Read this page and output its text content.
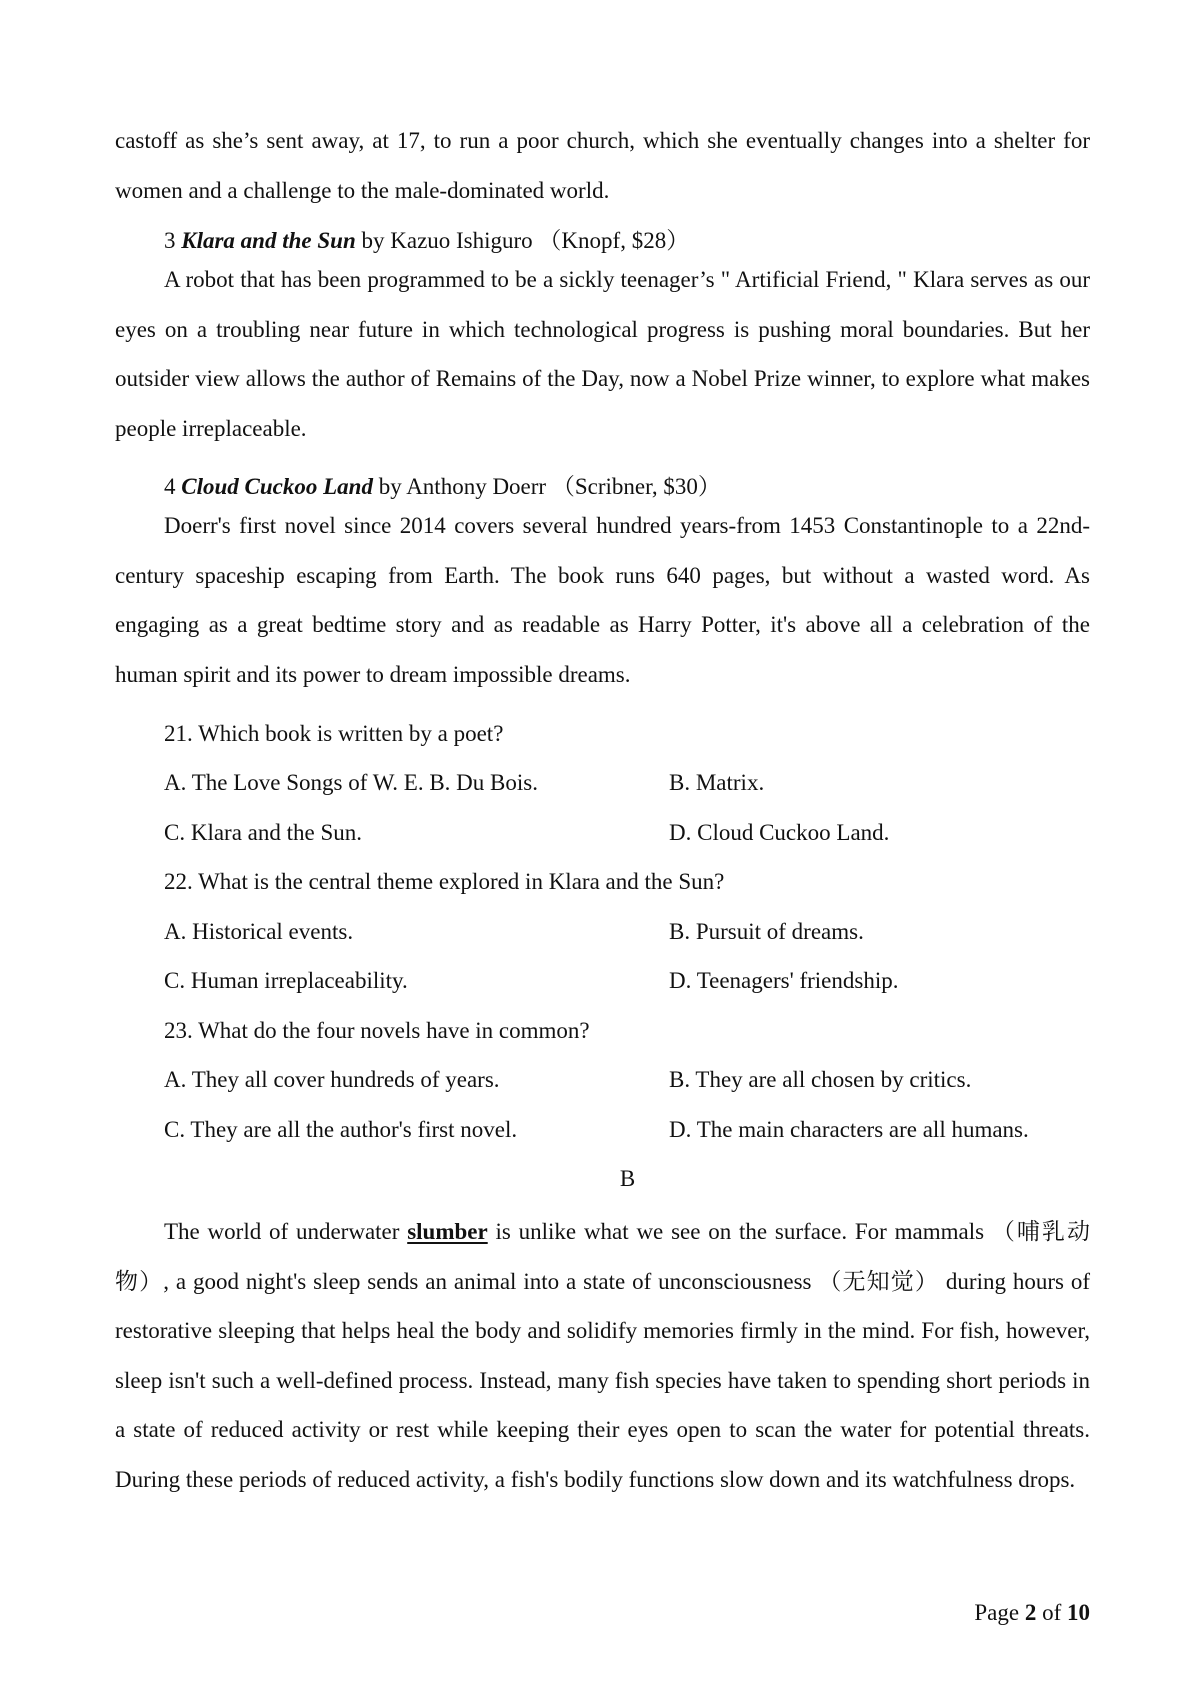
castoff as she’s sent away, at 17, to run a poor church, which she eventually changes into a shelter for women and a challenge to the male-dominated world.

3 Klara and the Sun by Kazuo Ishiguro （Knopf, $28）

A robot that has been programmed to be a sickly teenager’s " Artificial Friend, " Klara serves as our eyes on a troubling near future in which technological progress is pushing moral boundaries. But her outsider view allows the author of Remains of the Day, now a Nobel Prize winner, to explore what makes people irreplaceable.

4 Cloud Cuckoo Land by Anthony Doerr （Scribner, $30）

Doerr's first novel since 2014 covers several hundred years-from 1453 Constantinople to a 22nd-century spaceship escaping from Earth. The book runs 640 pages, but without a wasted word. As engaging as a great bedtime story and as readable as Harry Potter, it's above all a celebration of the human spirit and its power to dream impossible dreams.

21. Which book is written by a poet?
A. The Love Songs of W. E. B. Du Bois.	B. Matrix.
C. Klara and the Sun.	D. Cloud Cuckoo Land.
22. What is the central theme explored in Klara and the Sun?
A. Historical events.	B. Pursuit of dreams.
C. Human irreplaceability.	D. Teenagers' friendship.
23. What do the four novels have in common?
A. They all cover hundreds of years.	B. They are all chosen by critics.
C. They are all the author's first novel.	D. The main characters are all humans.
B

The world of underwater slumber is unlike what we see on the surface. For mammals （哺乳动 物）, a good night's sleep sends an animal into a state of unconsciousness （无知觉） during hours of restorative sleeping that helps heal the body and solidify memories firmly in the mind. For fish, however, sleep isn't such a well-defined process. Instead, many fish species have taken to spending short periods in a state of reduced activity or rest while keeping their eyes open to scan the water for potential threats. During these periods of reduced activity, a fish's bodily functions slow down and its watchfulness drops.

Page 2 of 10
